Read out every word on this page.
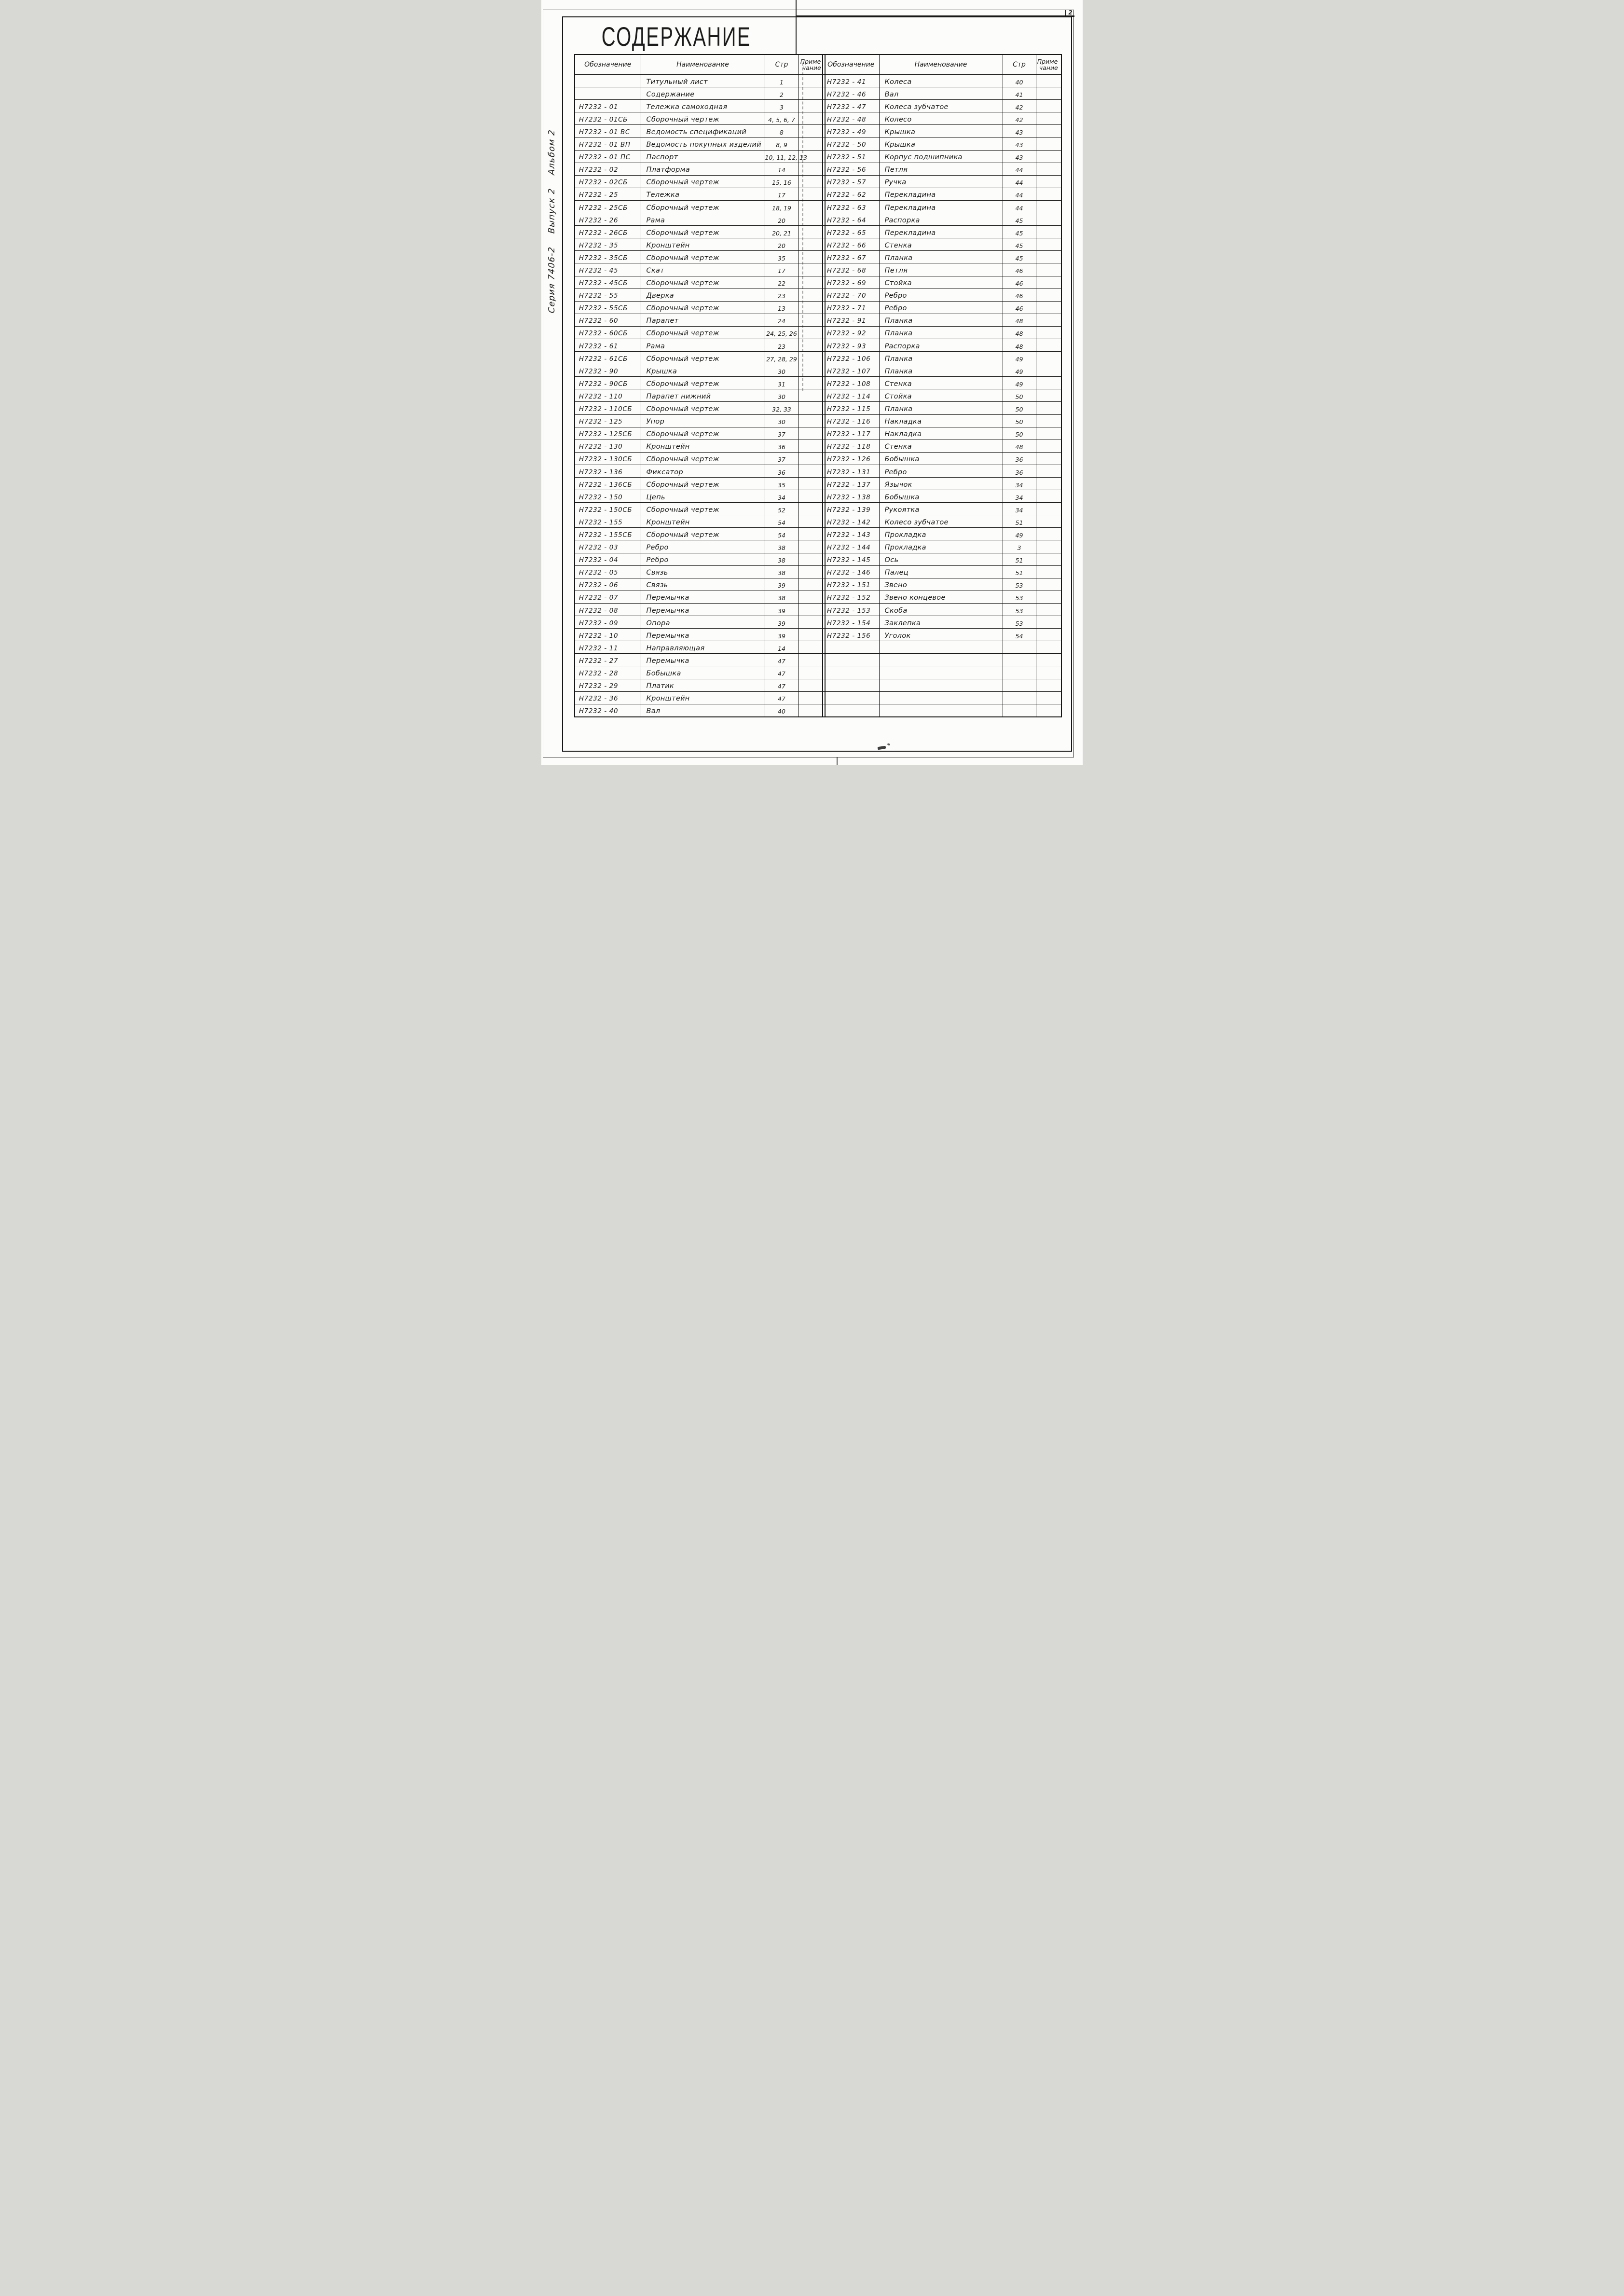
2
СОДЕРЖАНИЕ
Серия 7406-2    Выпуск 2    Альбом 2
Обозначение	Наименование	Стр	Приме-
чание
	Титульный лист	1	
	Содержание	2	
Н7232 - 01	Тележка самоходная	3	
Н7232 - 01СБ	Сборочный чертеж	4, 5, 6, 7	
Н7232 - 01 ВС	Ведомость спецификаций	8	
Н7232 - 01 ВП	Ведомость покупных изделий	8, 9	
Н7232 - 01 ПС	Паспорт	10, 11, 12, 13	
Н7232 - 02	Платформа	14	
Н7232 - 02СБ	Сборочный чертеж	15, 16	
Н7232 - 25	Тележка	17	
Н7232 - 25СБ	Сборочный чертеж	18, 19	
Н7232 - 26	Рама	20	
Н7232 - 26СБ	Сборочный чертеж	20, 21	
Н7232 - 35	Кронштейн	20	
Н7232 - 35СБ	Сборочный чертеж	35	
Н7232 - 45	Скат	17	
Н7232 - 45СБ	Сборочный чертеж	22	
Н7232 - 55	Дверка	23	
Н7232 - 55СБ	Сборочный чертеж	13	
Н7232 - 60	Парапет	24	
Н7232 - 60СБ	Сборочный чертеж	24, 25, 26	
Н7232 - 61	Рама	23	
Н7232 - 61СБ	Сборочный чертеж	27, 28, 29	
Н7232 - 90	Крышка	30	
Н7232 - 90СБ	Сборочный чертеж	31	
Н7232 - 110	Парапет нижний	30	
Н7232 - 110СБ	Сборочный чертеж	32, 33	
Н7232 - 125	Упор	30	
Н7232 - 125СБ	Сборочный чертеж	37	
Н7232 - 130	Кронштейн	36	
Н7232 - 130СБ	Сборочный чертеж	37	
Н7232 - 136	Фиксатор	36	
Н7232 - 136СБ	Сборочный чертеж	35	
Н7232 - 150	Цепь	34	
Н7232 - 150СБ	Сборочный чертеж	52	
Н7232 - 155	Кронштейн	54	
Н7232 - 155СБ	Сборочный чертеж	54	
Н7232 - 03	Ребро	38	
Н7232 - 04	Ребро	38	
Н7232 - 05	Связь	38	
Н7232 - 06	Связь	39	
Н7232 - 07	Перемычка	38	
Н7232 - 08	Перемычка	39	
Н7232 - 09	Опора	39	
Н7232 - 10	Перемычка	39	
Н7232 - 11	Направляющая	14	
Н7232 - 27	Перемычка	47	
Н7232 - 28	Бобышка	47	
Н7232 - 29	Платик	47	
Н7232 - 36	Кронштейн	47	
Н7232 - 40	Вал	40	
Обозначение	Наименование	Стр	Приме-
чание
Н7232 - 41	Колеса	40	
Н7232 - 46	Вал	41	
Н7232 - 47	Колеса зубчатое	42	
Н7232 - 48	Колесо	42	
Н7232 - 49	Крышка	43	
Н7232 - 50	Крышка	43	
Н7232 - 51	Корпус подшипника	43	
Н7232 - 56	Петля	44	
Н7232 - 57	Ручка	44	
Н7232 - 62	Перекладина	44	
Н7232 - 63	Перекладина	44	
Н7232 - 64	Распорка	45	
Н7232 - 65	Перекладина	45	
Н7232 - 66	Стенка	45	
Н7232 - 67	Планка	45	
Н7232 - 68	Петля	46	
Н7232 - 69	Стойка	46	
Н7232 - 70	Ребро	46	
Н7232 - 71	Ребро	46	
Н7232 - 91	Планка	48	
Н7232 - 92	Планка	48	
Н7232 - 93	Распорка	48	
Н7232 - 106	Планка	49	
Н7232 - 107	Планка	49	
Н7232 - 108	Стенка	49	
Н7232 - 114	Стойка	50	
Н7232 - 115	Планка	50	
Н7232 - 116	Накладка	50	
Н7232 - 117	Накладка	50	
Н7232 - 118	Стенка	48	
Н7232 - 126	Бобышка	36	
Н7232 - 131	Ребро	36	
Н7232 - 137	Язычок	34	
Н7232 - 138	Бобышка	34	
Н7232 - 139	Рукоятка	34	
Н7232 - 142	Колесо зубчатое	51	
Н7232 - 143	Прокладка	49	
Н7232 - 144	Прокладка	3	
Н7232 - 145	Ось	51	
Н7232 - 146	Палец	51	
Н7232 - 151	Звено	53	
Н7232 - 152	Звено концевое	53	
Н7232 - 153	Скоба	53	
Н7232 - 154	Заклепка	53	
Н7232 - 156	Уголок	54	
